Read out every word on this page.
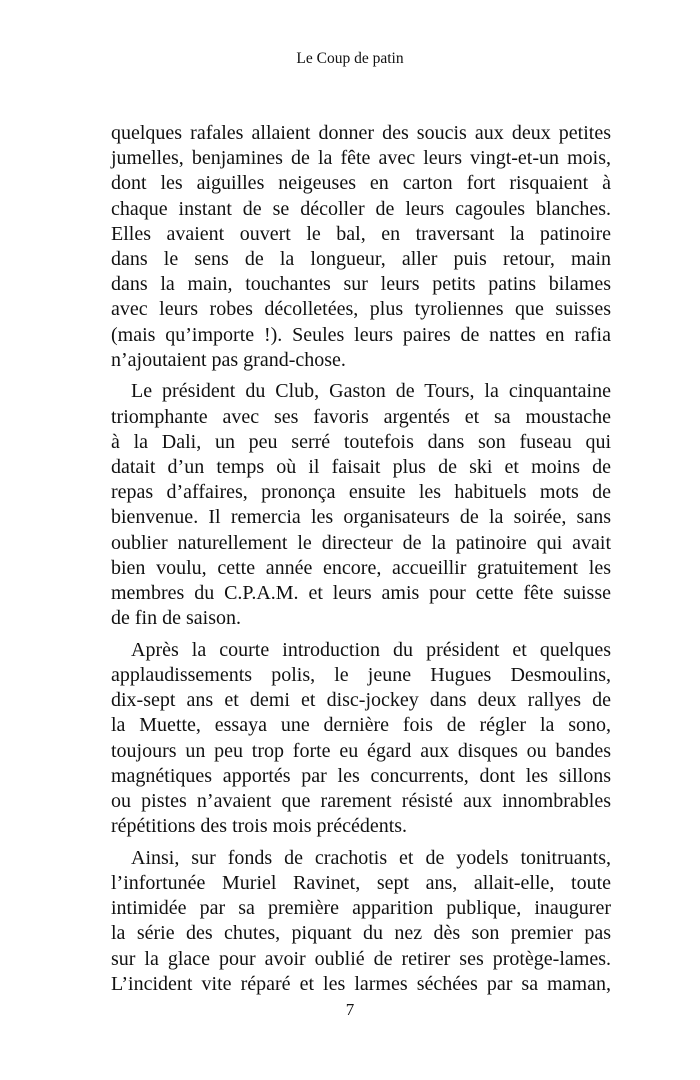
Le Coup de patin
quelques rafales allaient donner des soucis aux deux petites
jumelles, benjamines de la fête avec leurs vingt-et-un mois,
dont les aiguilles neigeuses en carton fort risquaient à
chaque instant de se décoller de leurs cagoules blanches.
Elles avaient ouvert le bal, en traversant la patinoire
dans le sens de la longueur, aller puis retour, main
dans la main, touchantes sur leurs petits patins bilames
avec leurs robes décolletées, plus tyroliennes que suisses
(mais qu’importe !). Seules leurs paires de nattes en rafia
n’ajoutaient pas grand-chose.
Le président du Club, Gaston de Tours, la cinquantaine
triomphante avec ses favoris argentés et sa moustache
à la Dali, un peu serré toutefois dans son fuseau qui
datait d’un temps où il faisait plus de ski et moins de
repas d’affaires, prononça ensuite les habituels mots de
bienvenue. Il remercia les organisateurs de la soirée, sans
oublier naturellement le directeur de la patinoire qui avait
bien voulu, cette année encore, accueillir gratuitement les
membres du C.P.A.M. et leurs amis pour cette fête suisse
de fin de saison.
Après la courte introduction du président et quelques
applaudissements polis, le jeune Hugues Desmoulins,
dix-sept ans et demi et disc-jockey dans deux rallyes de
la Muette, essaya une dernière fois de régler la sono,
toujours un peu trop forte eu égard aux disques ou bandes
magnétiques apportés par les concurrents, dont les sillons
ou pistes n’avaient que rarement résisté aux innombrables
répétitions des trois mois précédents.
Ainsi, sur fonds de crachotis et de yodels tonitruants,
l’infortunée Muriel Ravinet, sept ans, allait-elle, toute
intimidée par sa première apparition publique, inaugurer
la série des chutes, piquant du nez dès son premier pas
sur la glace pour avoir oublié de retirer ses protège-lames.
L’incident vite réparé et les larmes séchées par sa maman,
7
